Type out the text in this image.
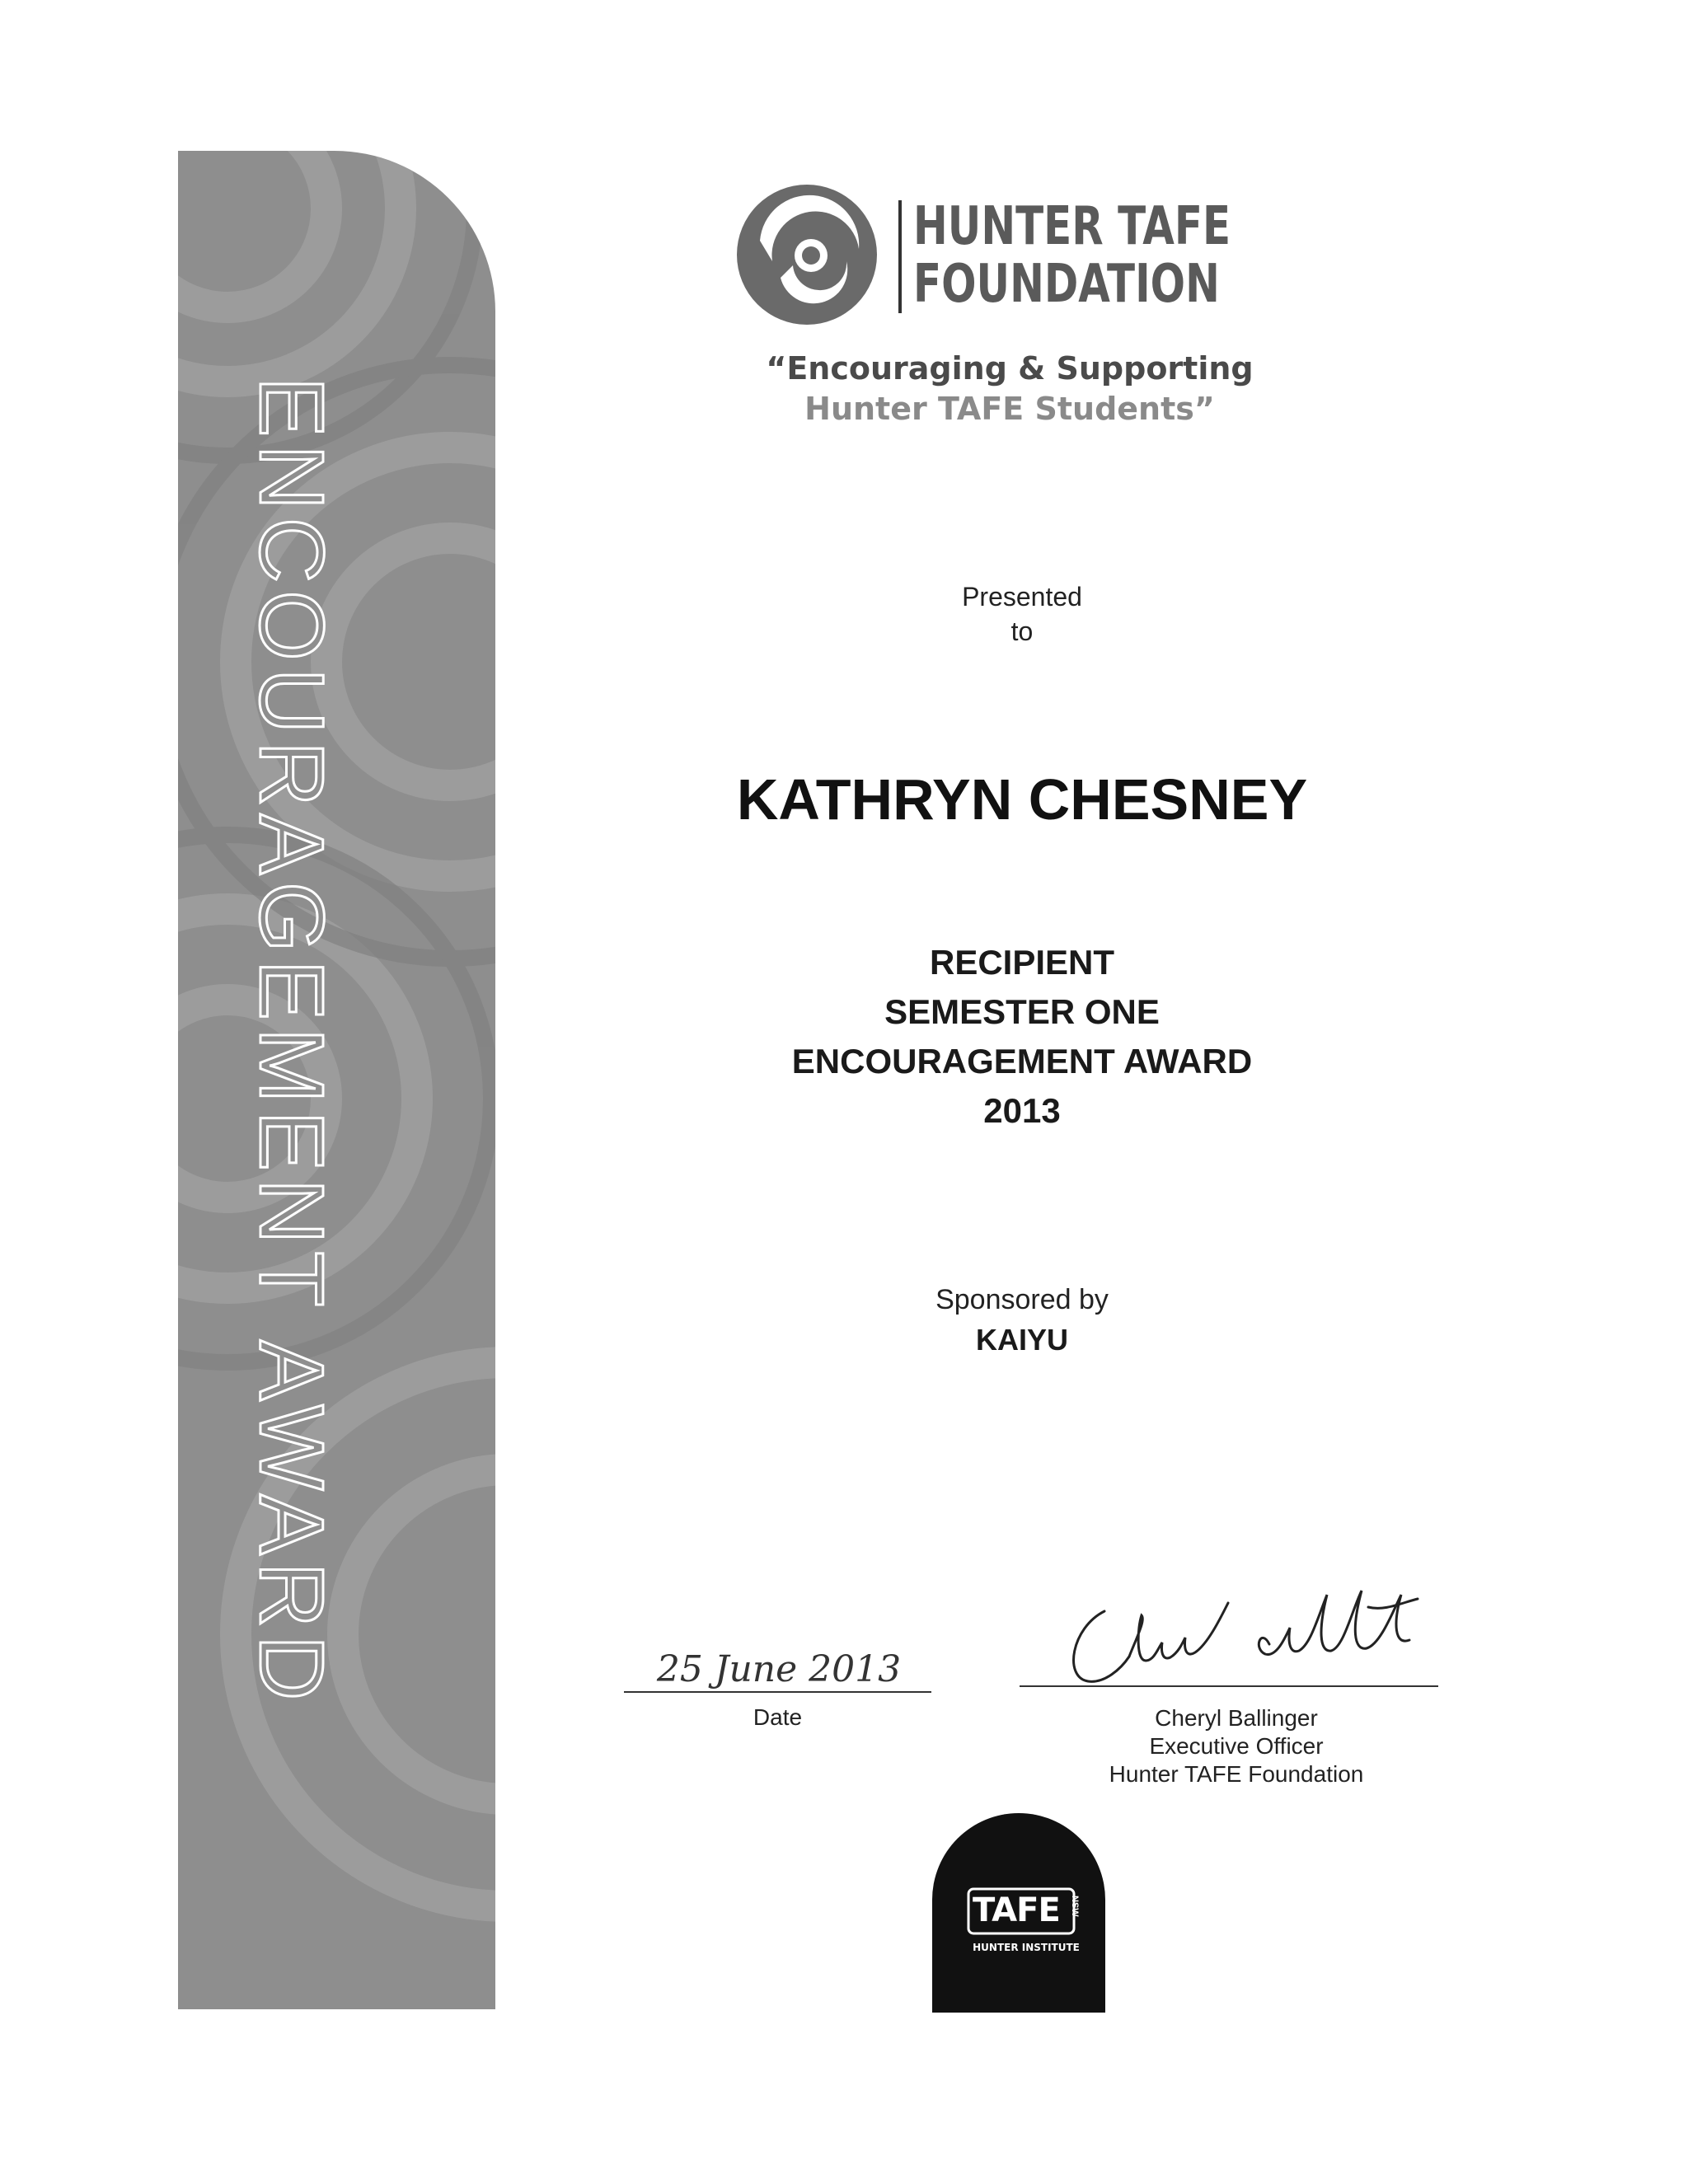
ENCOURAGEMENT AWARD
HUNTER TAFE
FOUNDATION
“Encouraging & Supporting
Hunter TAFE Students”
Presented
to
KATHRYN CHESNEY
RECIPIENT
SEMESTER ONE
ENCOURAGEMENT AWARD
2013
Sponsored by
KAIYU
25 June 2013
Date	Cheryl Ballinger
Executive Officer
Hunter TAFE Foundation
TAFE NSW
HUNTER INSTITUTE
